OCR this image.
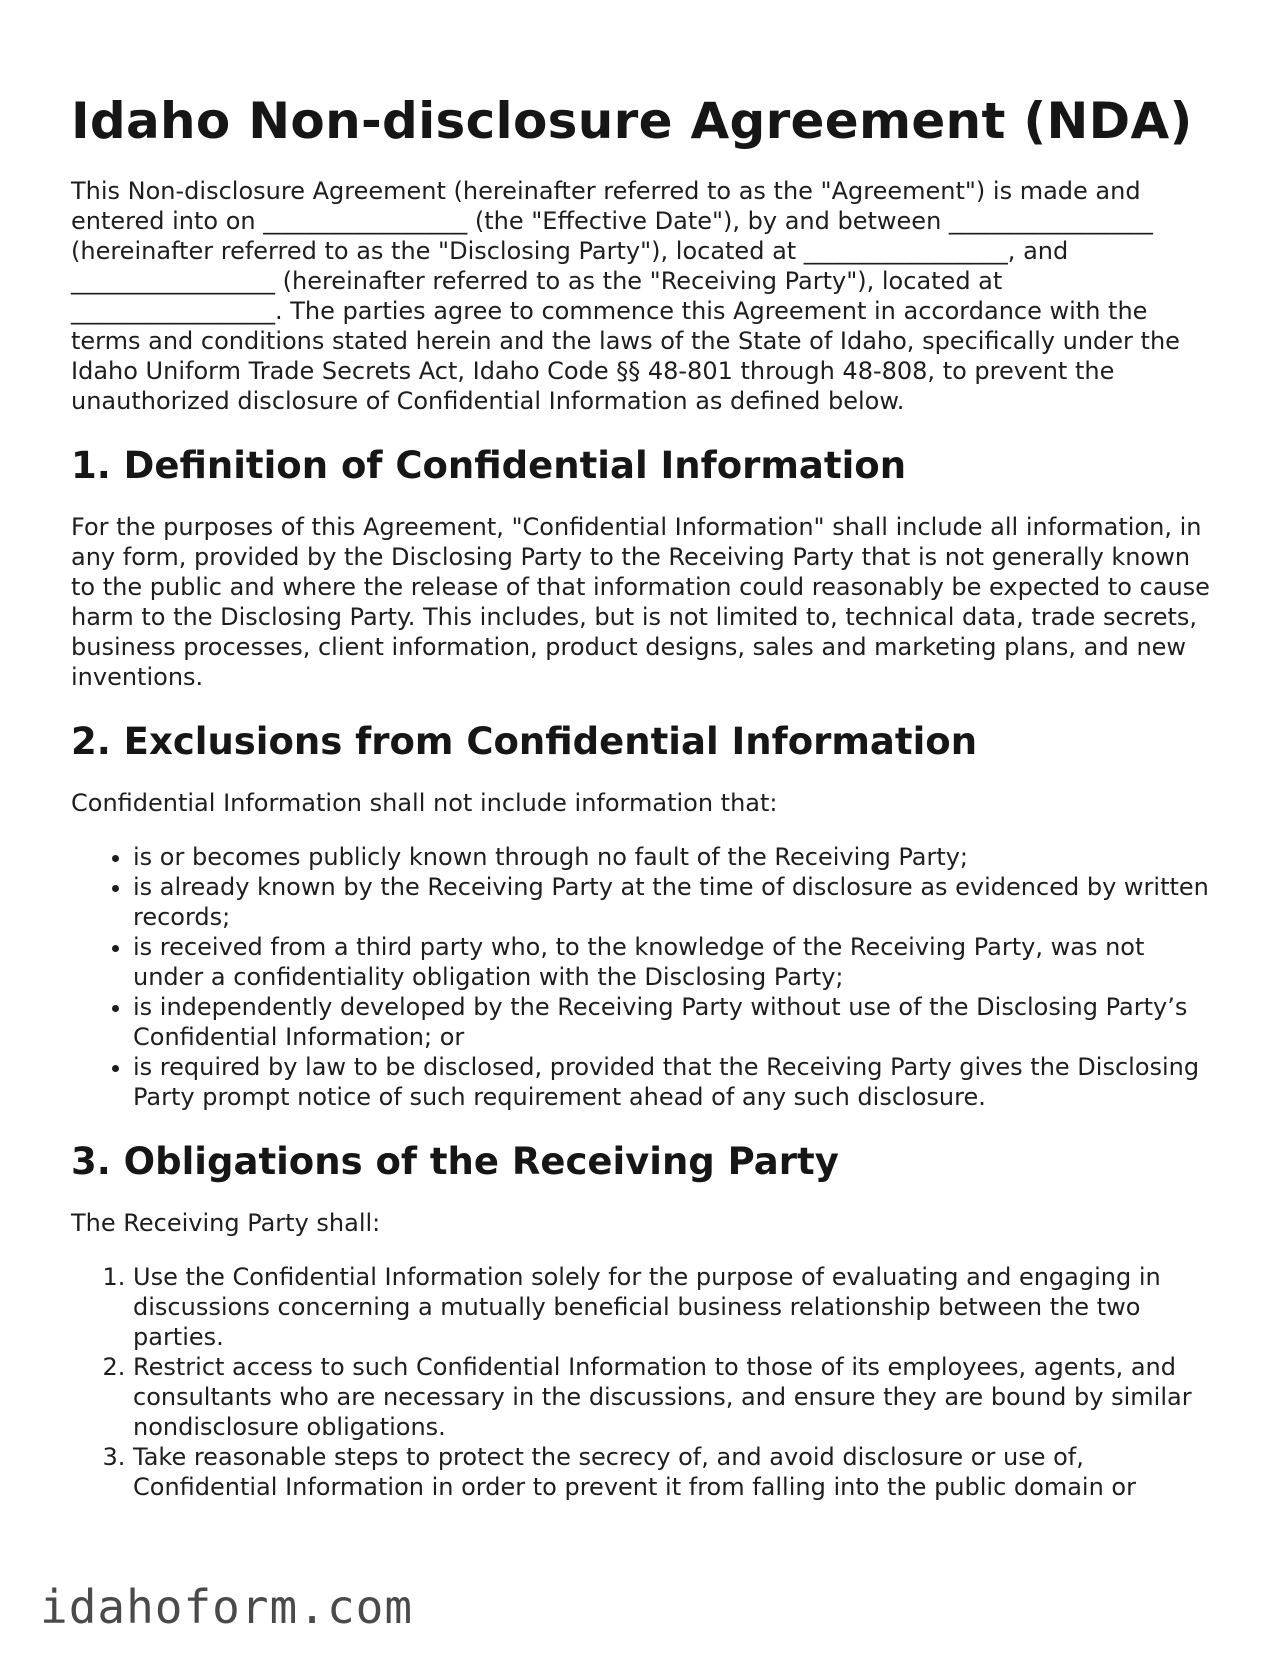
Idaho Non-disclosure Agreement (NDA)

This Non-disclosure Agreement (hereinafter referred to as the "Agreement") is made and entered into on _________________ (the "Effective Date"), by and between _________________ (hereinafter referred to as the "Disclosing Party"), located at _________________, and _________________ (hereinafter referred to as the "Receiving Party"), located at _________________. The parties agree to commence this Agreement in accordance with the terms and conditions stated herein and the laws of the State of Idaho, specifically under the Idaho Uniform Trade Secrets Act, Idaho Code §§ 48-801 through 48-808, to prevent the unauthorized disclosure of Confidential Information as defined below.

1. Definition of Confidential Information

For the purposes of this Agreement, "Confidential Information" shall include all information, in any form, provided by the Disclosing Party to the Receiving Party that is not generally known to the public and where the release of that information could reasonably be expected to cause harm to the Disclosing Party. This includes, but is not limited to, technical data, trade secrets, business processes, client information, product designs, sales and marketing plans, and new inventions.

2. Exclusions from Confidential Information

Confidential Information shall not include information that:

• is or becomes publicly known through no fault of the Receiving Party;
• is already known by the Receiving Party at the time of disclosure as evidenced by written records;
• is received from a third party who, to the knowledge of the Receiving Party, was not under a confidentiality obligation with the Disclosing Party;
• is independently developed by the Receiving Party without use of the Disclosing Party’s Confidential Information; or
• is required by law to be disclosed, provided that the Receiving Party gives the Disclosing Party prompt notice of such requirement ahead of any such disclosure.
3. Obligations of the Receiving Party

The Receiving Party shall:

1. Use the Confidential Information solely for the purpose of evaluating and engaging in discussions concerning a mutually beneficial business relationship between the two parties.
2. Restrict access to such Confidential Information to those of its employees, agents, and consultants who are necessary in the discussions, and ensure they are bound by similar nondisclosure obligations.
3. Take reasonable steps to protect the secrecy of, and avoid disclosure or use of, Confidential Information in order to prevent it from falling into the public domain or
idahoform.com
